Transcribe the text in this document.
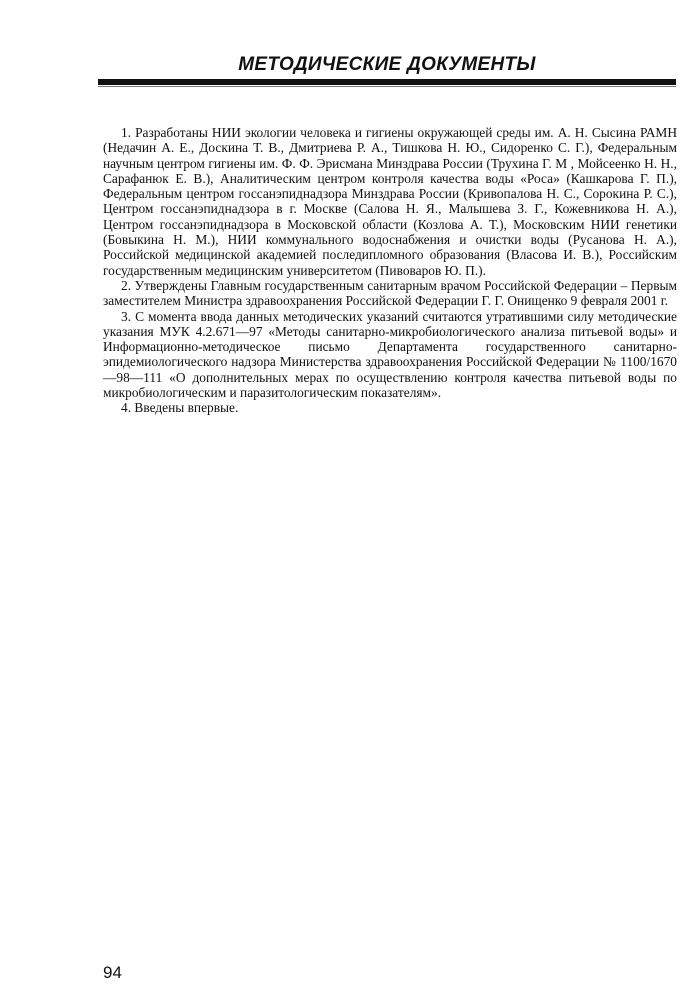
МЕТОДИЧЕСКИЕ ДОКУМЕНТЫ

1. Разработаны НИИ экологии человека и гигиены окружающей среды им. А. Н. Сысина РАМН (Недачин А. Е., Доскина Т. В., Дмитриева Р. А., Тишкова Н. Ю., Сидоренко С. Г.), Федеральным научным центром гигиены им. Ф. Ф. Эрисмана Минздрава России (Трухина Г. М , Мойсеенко Н. Н., Сарафанюк Е. В.), Аналитическим центром контроля качества воды «Роса» (Кашкарова Г. П.), Федеральным центром госсанэпиднадзора Минздрава России (Кривопалова Н. С., Сорокина Р. С.), Центром госсанэпиднадзора в г. Москве (Салова Н. Я., Малышева З. Г., Кожевникова Н. А.), Центром госсанэпиднадзора в Московской области (Козлова А. Т.), Московским НИИ генетики (Бовыкина Н. М.), НИИ коммунального водоснабжения и очистки воды (Русанова Н. А.), Российской медицинской академией последипломного образования (Власова И. В.), Российским государственным медицинским университетом (Пивоваров Ю. П.).

2. Утверждены Главным государственным санитарным врачом Российской Федерации – Первым заместителем Министра здравоохранения Российской Федерации Г. Г. Онищенко 9 февраля 2001 г.

3. С момента ввода данных методических указаний считаются утратившими силу методические указания МУК 4.2.671—97 «Методы санитарно-микробиологического анализа питьевой воды» и Информационно-методическое письмо Департамента государственного санитарно-эпидемиологического надзора Министерства здравоохранения Российской Федерации № 1100/1670—98—111 «О дополнительных мерах по осуществлению контроля качества питьевой воды по микробиологическим и паразитологическим показателям».

4. Введены впервые.

94
